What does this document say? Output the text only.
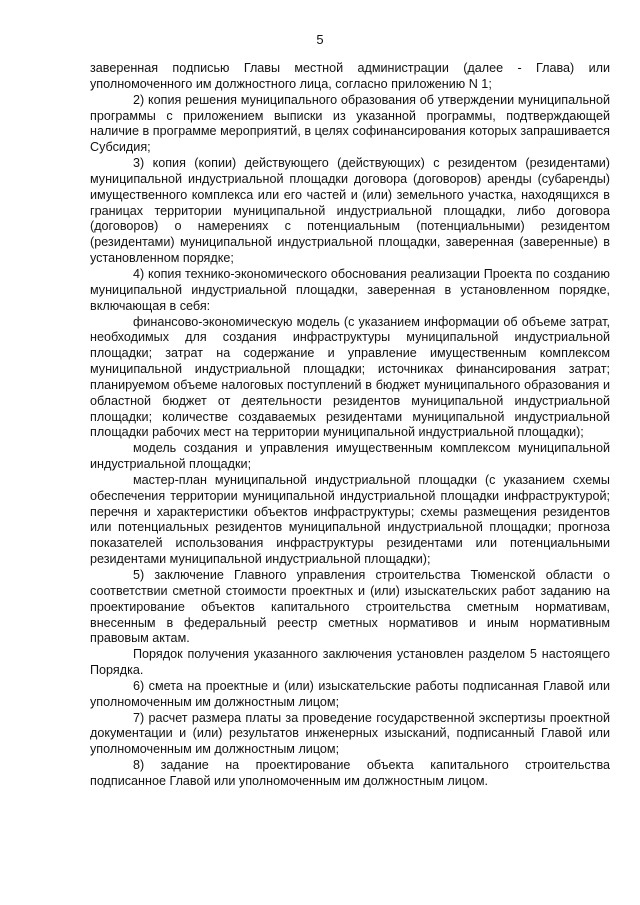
5

заверенная подписью Главы местной администрации (далее - Глава) или уполномоченного им должностного лица, согласно приложению N 1;

2) копия решения муниципального образования об утверждении муниципальной программы с приложением выписки из указанной программы, подтверждающей наличие в программе мероприятий, в целях софинансирования которых запрашивается Субсидия;

3) копия (копии) действующего (действующих) с резидентом (резидентами) муниципальной индустриальной площадки договора (договоров) аренды (субаренды) имущественного комплекса или его частей и (или) земельного участка, находящихся в границах территории муниципальной индустриальной площадки, либо договора (договоров) о намерениях с потенциальным (потенциальными) резидентом (резидентами) муниципальной индустриальной площадки, заверенная (заверенные) в установленном порядке;

4) копия технико-экономического обоснования реализации Проекта по созданию муниципальной индустриальной площадки, заверенная в установленном порядке, включающая в себя:

финансово-экономическую модель (с указанием информации об объеме затрат, необходимых для создания инфраструктуры муниципальной индустриальной площадки; затрат на содержание и управление имущественным комплексом муниципальной индустриальной площадки; источниках финансирования затрат; планируемом объеме налоговых поступлений в бюджет муниципального образования и областной бюджет от деятельности резидентов муниципальной индустриальной площадки; количестве создаваемых резидентами муниципальной индустриальной площадки рабочих мест на территории муниципальной индустриальной площадки);

модель создания и управления имущественным комплексом муниципальной индустриальной площадки;

мастер-план муниципальной индустриальной площадки (с указанием схемы обеспечения территории муниципальной индустриальной площадки инфраструктурой; перечня и характеристики объектов инфраструктуры; схемы размещения резидентов или потенциальных резидентов муниципальной индустриальной площадки; прогноза показателей использования инфраструктуры резидентами или потенциальными резидентами муниципальной индустриальной площадки);

5) заключение Главного управления строительства Тюменской области о соответствии сметной стоимости проектных и (или) изыскательских работ заданию на проектирование объектов капитального строительства сметным нормативам, внесенным в федеральный реестр сметных нормативов и иным нормативным правовым актам.

Порядок получения указанного заключения установлен разделом 5 настоящего Порядка.

6) смета на проектные и (или) изыскательские работы подписанная Главой или уполномоченным им должностным лицом;

7) расчет размера платы за проведение государственной экспертизы проектной документации и (или) результатов инженерных изысканий, подписанный Главой или уполномоченным им должностным лицом;

8) задание на проектирование объекта капитального строительства подписанное Главой или уполномоченным им должностным лицом.
